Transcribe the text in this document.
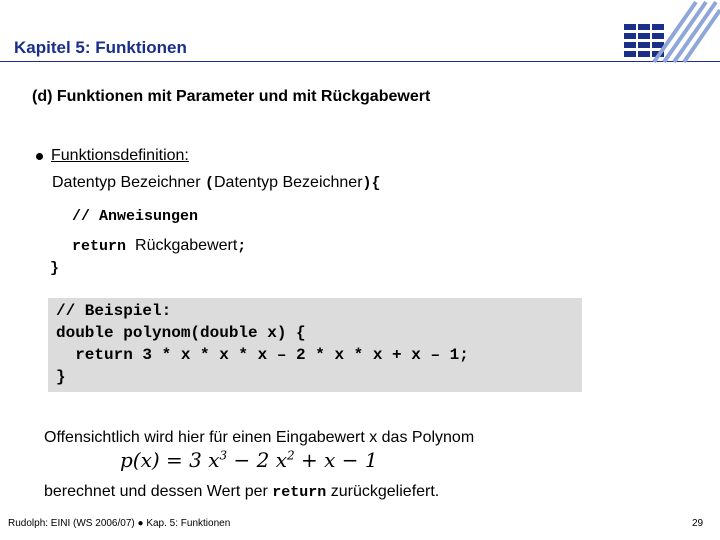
Kapitel 5: Funktionen
(d) Funktionen mit Parameter und mit Rückgabewert
Funktionsdefinition:
Datentyp Bezeichner (Datentyp Bezeichner){
// Anweisungen
return Rückgabewert;
}
// Beispiel:
double polynom(double x) {
return 3 * x * x * x – 2 * x * x + x – 1;
}
Offensichtlich wird hier für einen Eingabewert x das Polynom
p(x) = 3 $x^3 - 2$ $x^2 + x - 1$
berechnet und dessen Wert per return zurückgeliefert.
Rudolph: EINI (WS 2006/07) ● Kap. 5: Funktionen	29
